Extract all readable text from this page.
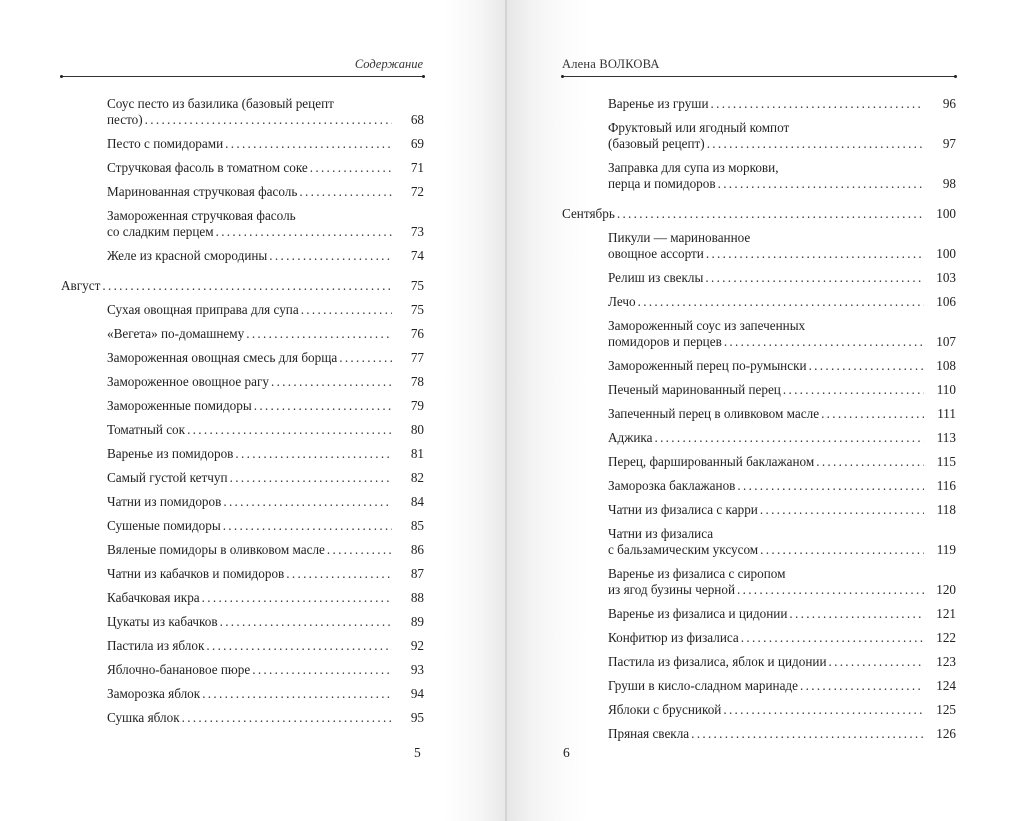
Содержание
Соус песто из базилика (базовый рецепт
песто) . . .	68
Песто с помидорами . . .	69
Стручковая фасоль в томатном соке . . .	71
Маринованная стручковая фасоль . . .	72
Замороженная стручковая фасоль
со сладким перцем . . .	73
Желе из красной смородины . . .	74
Август . . .	75
Сухая овощная приправа для супа . . .	75
«Вегета» по-домашнему . . .	76
Замороженная овощная смесь для борща . . .	77
Замороженное овощное рагу . . .	78
Замороженные помидоры . . .	79
Томатный сок . . .	80
Варенье из помидоров . . .	81
Самый густой кетчуп . . .	82
Чатни из помидоров . . .	84
Сушеные помидоры . . .	85
Вяленые помидоры в оливковом масле . . .	86
Чатни из кабачков и помидоров . . .	87
Кабачковая икра . . .	88
Цукаты из кабачков . . .	89
Пастила из яблок . . .	92
Яблочно-банановое пюре . . .	93
Заморозка яблок . . .	94
Сушка яблок . . .	95
5
Алена ВОЛКОВА
Варенье из груши . . .	96
Фруктовый или ягодный компот
(базовый рецепт) . . .	97
Заправка для супа из моркови,
перца и помидоров . . .	98
Сентябрь . . .	100
Пикули — маринованное
овощное ассорти . . .	100
Релиш из свеклы . . .	103
Лечо . . .	106
Замороженный соус из запеченных
помидоров и перцев . . .	107
Замороженный перец по-румынски . . .	108
Печеный маринованный перец . . .	110
Запеченный перец в оливковом масле . . .	111
Аджика . . .	113
Перец, фаршированный баклажаном . . .	115
Заморозка баклажанов . . .	116
Чатни из физалиса с карри . . .	118
Чатни из физалиса
с бальзамическим уксусом . . .	119
Варенье из физалиса с сиропом
из ягод бузины черной . . .	120
Варенье из физалиса и цидонии . . .	121
Конфитюр из физалиса . . .	122
Пастила из физалиса, яблок и цидонии . . .	123
Груши в кисло-сладном маринаде . . .	124
Яблоки с брусникой . . .	125
Пряная свекла . . .	126
6
